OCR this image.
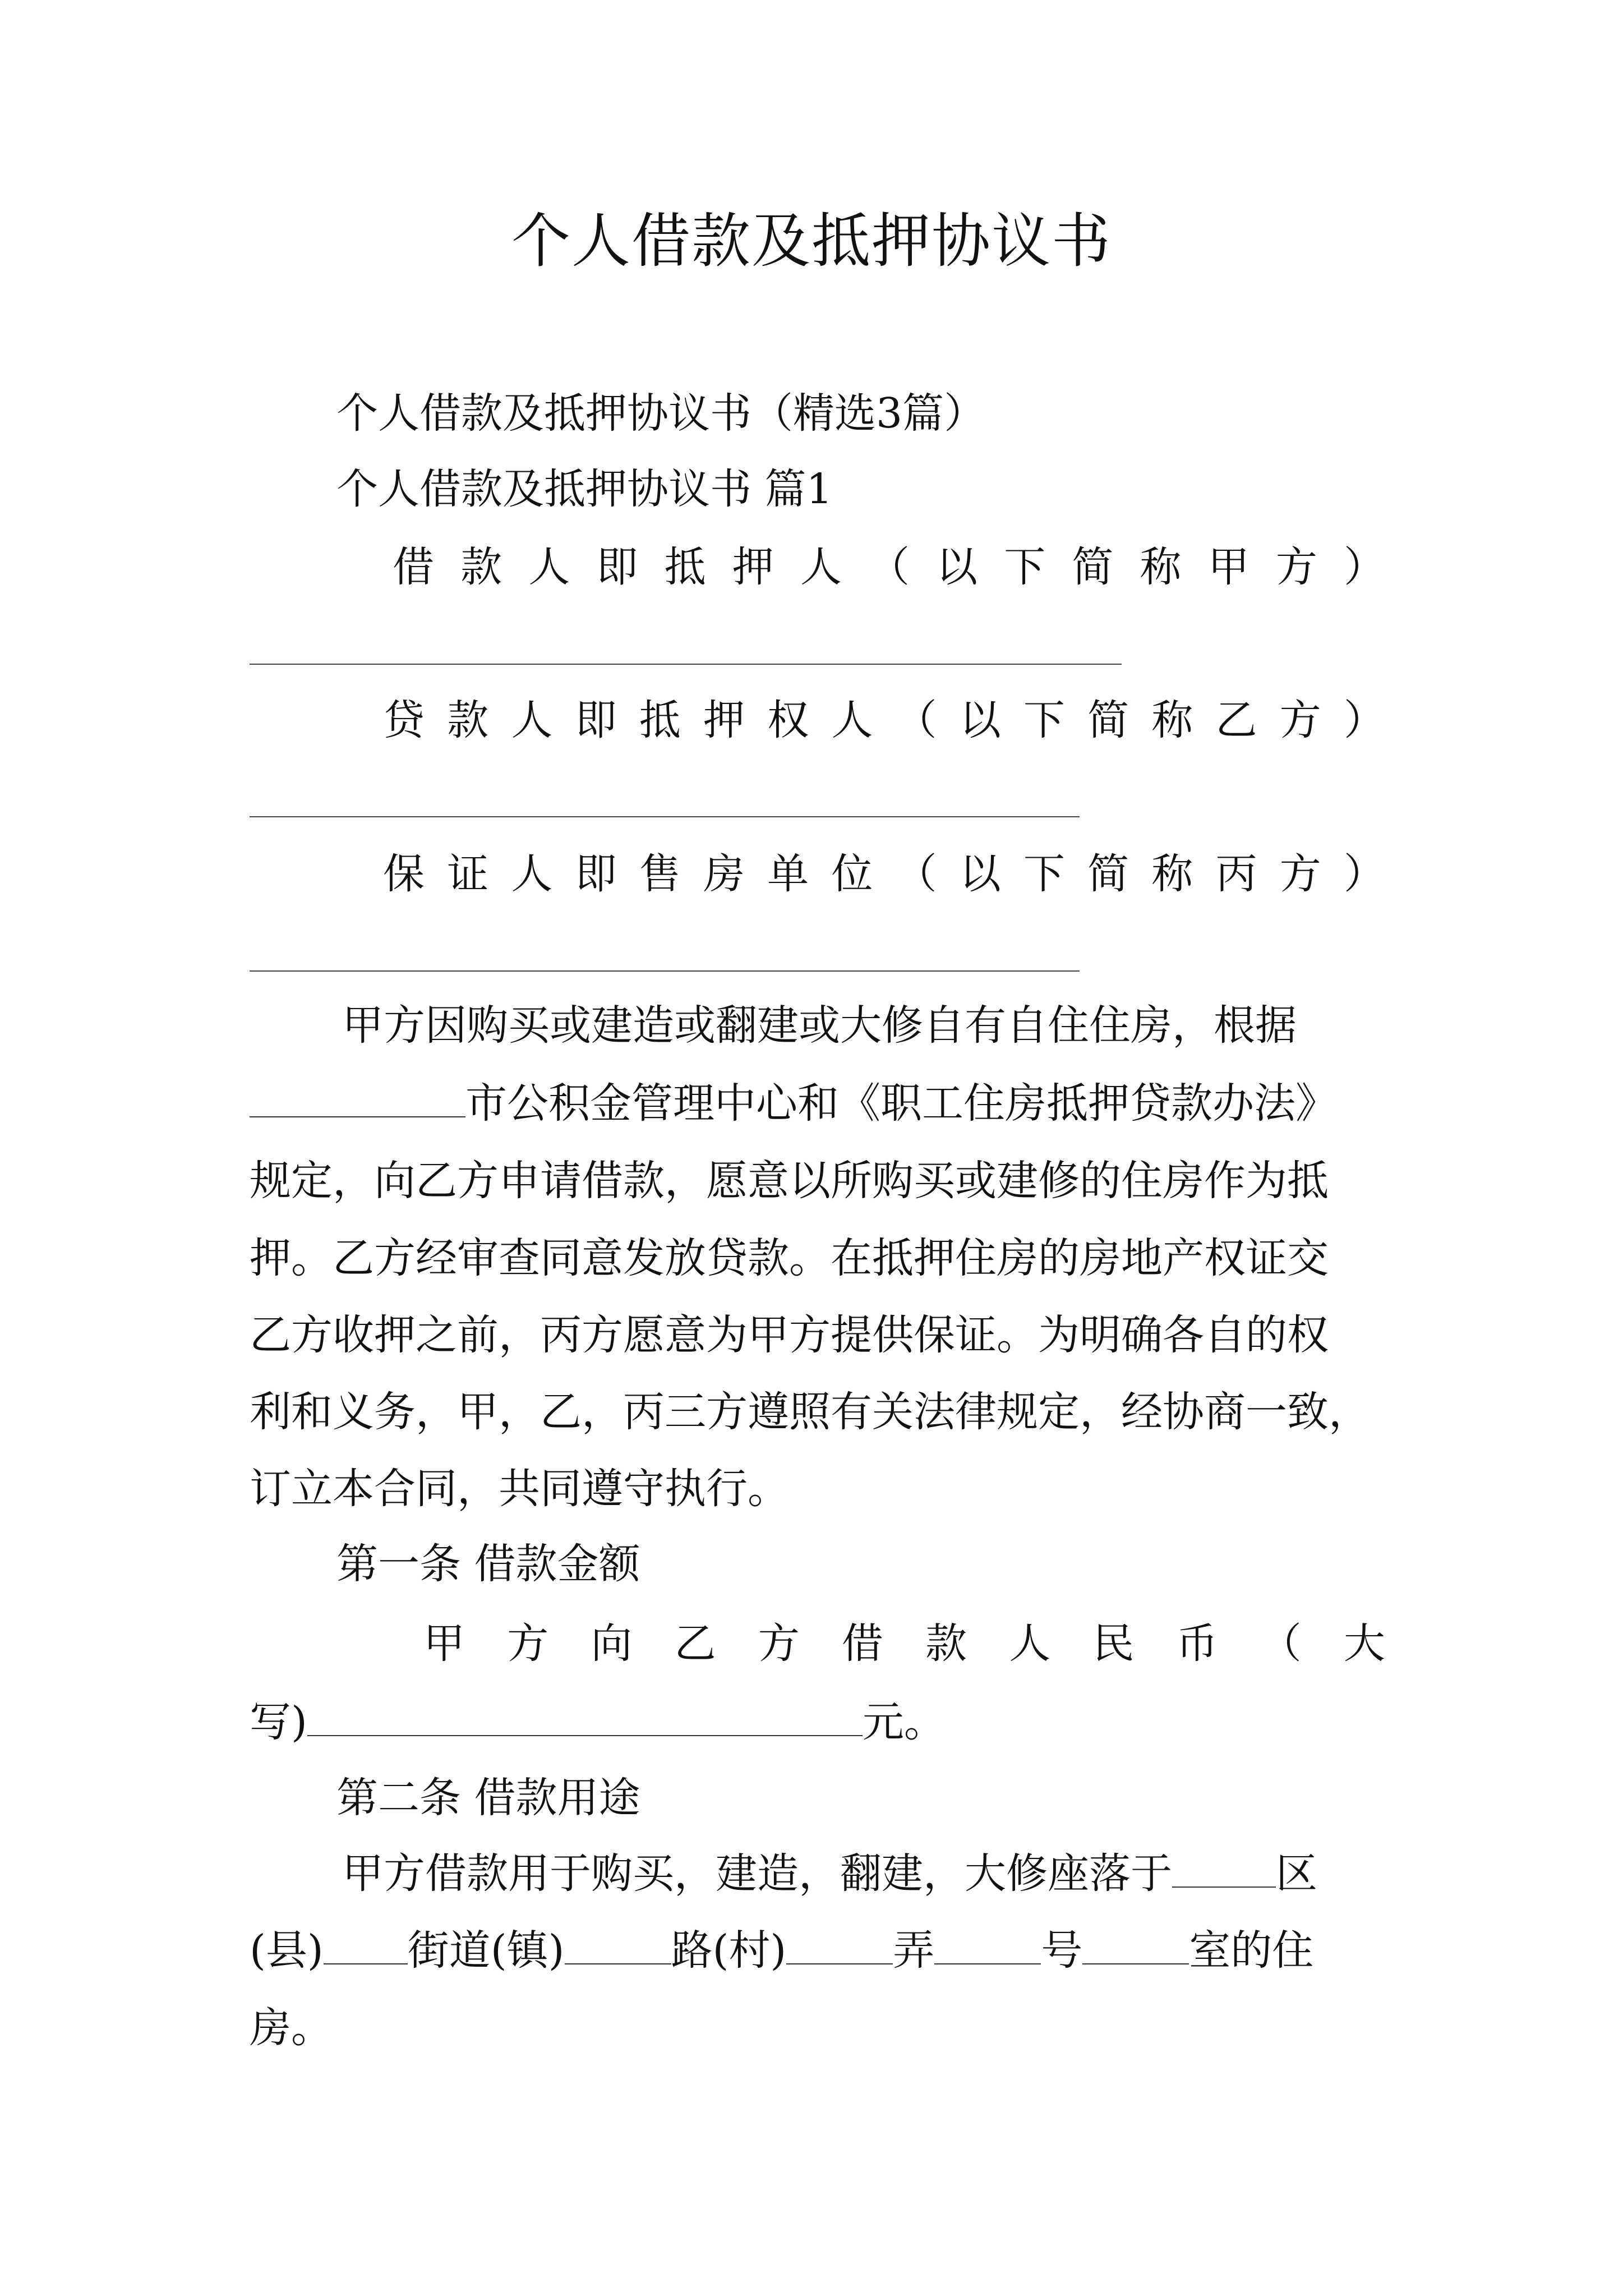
个人借款及抵押协议书
个人借款及抵押协议书（精选3篇）
个人借款及抵押协议书 篇1
借 款 人 即 抵 押 人 （ 以 下 简 称 甲 方 ）
贷 款 人 即 抵 押 权 人 （ 以 下 简 称 乙 方 ）
保 证 人 即 售 房 单 位 （ 以 下 简 称 丙 方 ）
甲方因购买或建造或翻建或大修自有自住住房，根据
市公积金管理中心和《职工住房抵押贷款办法》
规定，向乙方申请借款，愿意以所购买或建修的住房作为抵
押。乙方经审查同意发放贷款。在抵押住房的房地产权证交
乙方收押之前，丙方愿意为甲方提供保证。为明确各自的权
利和义务，甲，乙，丙三方遵照有关法律规定，经协商一致，
订立本合同，共同遵守执行。
第一条 借款金额
甲 方 向 乙 方 借 款 人 民 币 （ 大
写)	元。
第二条 借款用途
甲方借款用于购买，建造，翻建，大修座落于	区
(县) 街道(镇)	路(村)	弄	号	室的住
房。
